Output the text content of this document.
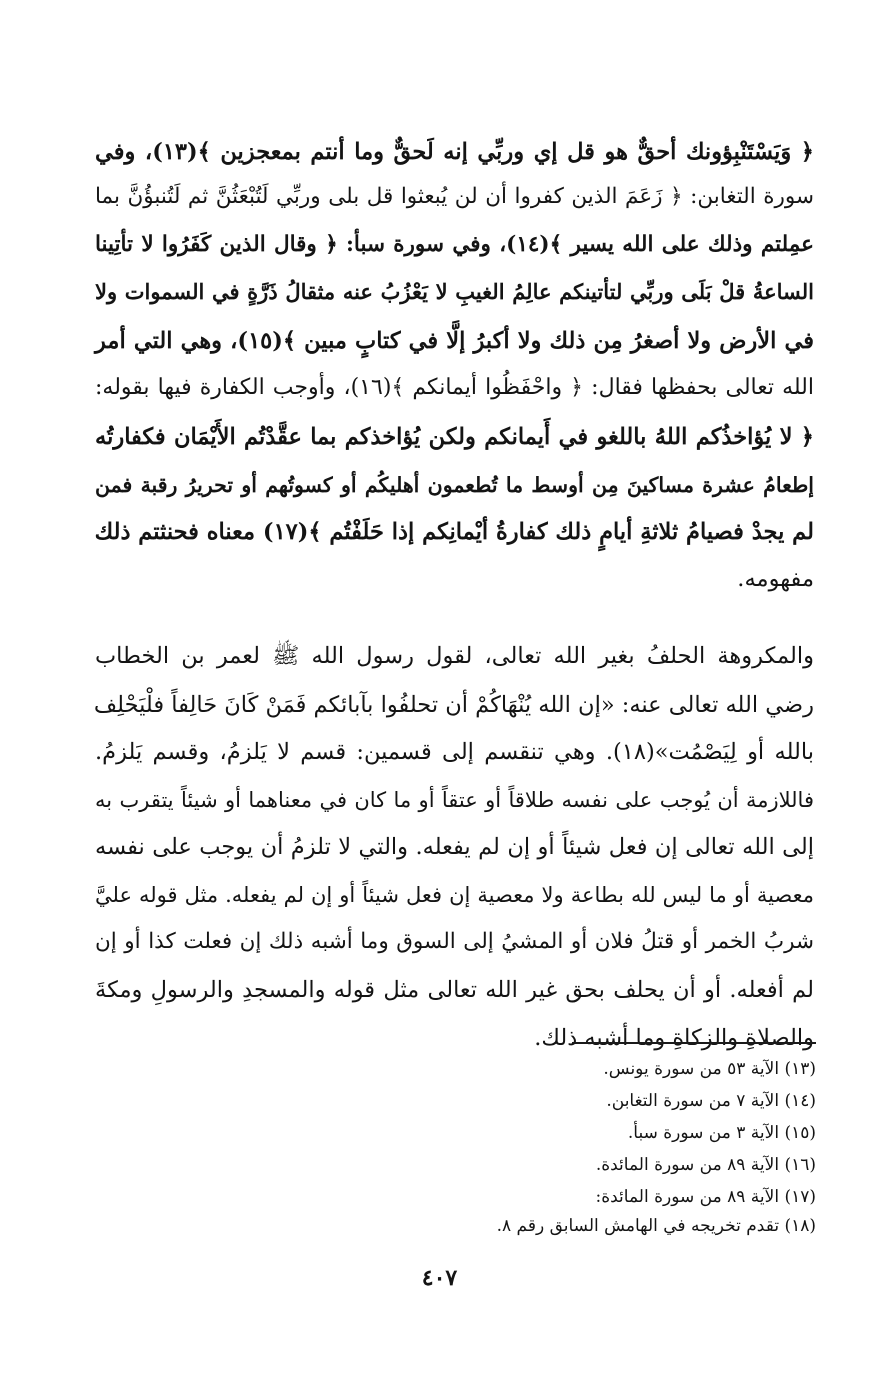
﴿ وَيَسْتَنْبِؤونك أحقٌّ هو قل إي وربِّي إنه لَحقٌّ وما أنتم بمعجزين ﴾(١٣)، وفي
سورة التغابن: ﴿ زَعَمَ الذين كفروا أن لن يُبعثوا قل بلى وربِّي لَتُبْعَثُنَّ ثم لَتُنبؤُنَّ بما
عمِلتم وذلك على الله يسير ﴾(١٤)، وفي سورة سبأ: ﴿ وقال الذين كَفَرُوا لا تأتِينا
الساعةُ قلْ بَلَى وربِّي لتأتينكم عالِمُ الغيبِ لا يَعْزُبُ عنه مثقالُ ذَرَّةٍ في السموات ولا
في الأرض ولا أصغرُ مِن ذلك ولا أكبرُ إلَّا في كتابٍ مبين ﴾(١٥)، وهي التي أمر
الله تعالى بحفظها فقال: ﴿ واحْفَظُوا أيمانكم ﴾(١٦)، وأوجب الكفارة فيها بقوله:
﴿ لا يُؤاخذُكم اللهُ باللغو في أَيمانكم ولكن يُؤاخذكم بما عقَّدْتُم الأَيْمَان فكفارتُه
إطعامُ عشرة مساكينَ مِن أوسط ما تُطعمون أهليكُم أو كسوتُهم أو تحريرُ رقبة فمن
لم يجدْ فصيامُ ثلاثةِ أيامٍ ذلك كفارةُ أيْمانِكم إذا حَلَفْتُم ﴾(١٧) معناه فحنثتم ذلك
مفهومه.
والمكروهة الحلفُ بغير الله تعالى، لقول رسول الله ﷺ لعمر بن الخطاب
رضي الله تعالى عنه: «إن الله يُنْهَاكُمْ أن تحلفُوا بآبائكم فَمَنْ كَانَ حَالِفاً فلْيَحْلِف
بالله أو لِيَصْمُت»(١٨). وهي تنقسم إلى قسمين: قسم لا يَلزمُ، وقسم يَلزمُ.
فاللازمة أن يُوجب على نفسه طلاقاً أو عتقاً أو ما كان في معناهما أو شيئاً يتقرب به
إلى الله تعالى إن فعل شيئاً أو إن لم يفعله. والتي لا تلزمُ أن يوجب على نفسه
معصية أو ما ليس لله بطاعة ولا معصية إن فعل شيئاً أو إن لم يفعله. مثل قوله عليَّ
شربُ الخمر أو قتلُ فلان أو المشيُ إلى السوق وما أشبه ذلك إن فعلت كذا أو إن
لم أفعله. أو أن يحلف بحق غير الله تعالى مثل قوله والمسجدِ والرسولِ ومكةَ
والصلاةِ والزكاةِ وما أشبه ذلك.
(١٣) الآية ٥٣ من سورة يونس.
(١٤) الآية ٧ من سورة التغابن.
(١٥) الآية ٣ من سورة سبأ.
(١٦) الآية ٨٩ من سورة المائدة.
(١٧) الآية ٨٩ من سورة المائدة:
(١٨) تقدم تخريجه في الهامش السابق رقم ٨.
٤٠٧
